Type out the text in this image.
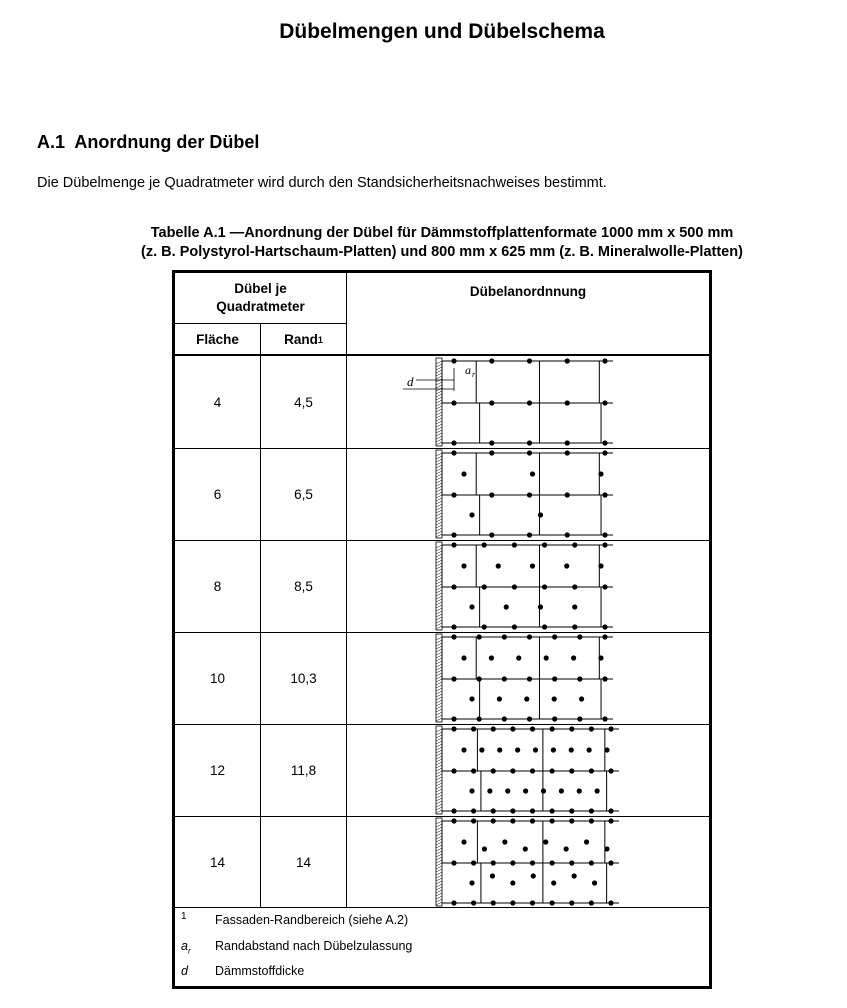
Dübelmengen und Dübelschema
A.1 Anordnung der Dübel
Die Dübelmenge je Quadratmeter wird durch den Standsicherheitsnachweises bestimmt.
Tabelle A.1 —Anordnung der Dübel für Dämmstoffplattenformate 1000 mm x 500 mm
(z. B. Polystyrol-Hartschaum-Platten) und 800 mm x 625 mm (z. B. Mineralwolle-Platten)
Dübel je Quadratmeter
Fläche	Rand 1
Dübelanordnnung
4	4,5
d
a r
6	6,5
8	8,5
10	10,3
12	11,8
14	14
1	Fassaden-Randbereich (siehe A.2)
$a_r$	Randabstand nach Dübelzulassung
d	Dämmstoffdicke
